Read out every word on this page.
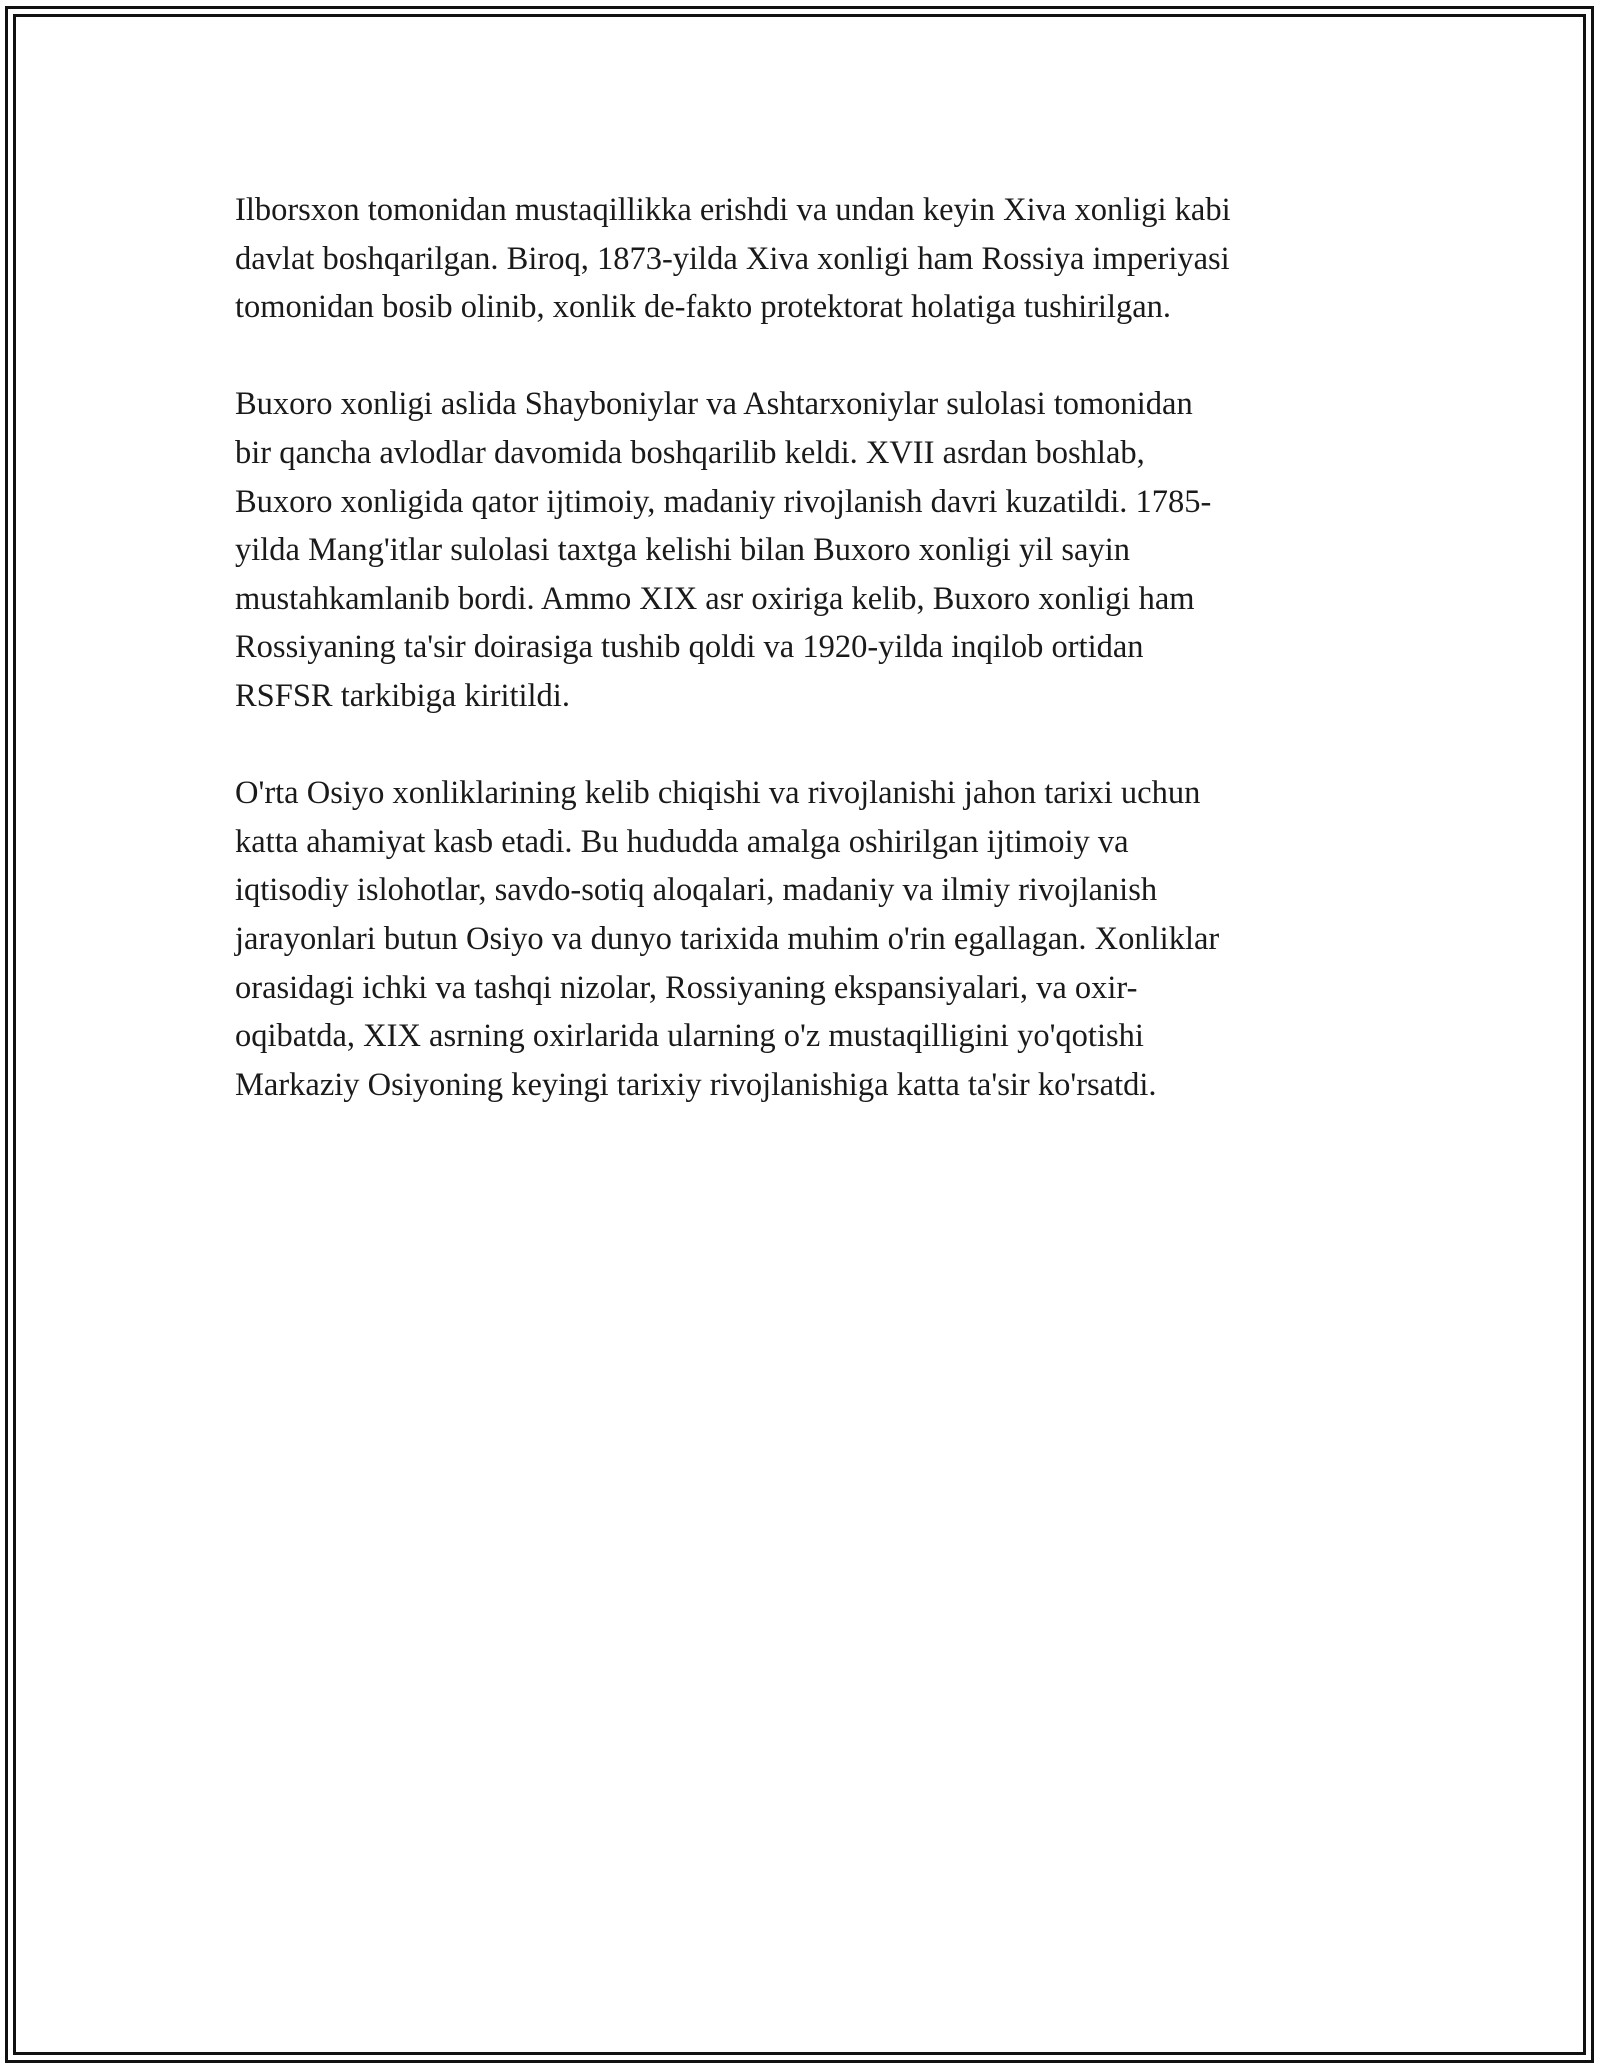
Ilborsxon tomonidan mustaqillikka erishdi va undan keyin Xiva xonligi kabi
davlat boshqarilgan. Biroq, 1873-yilda Xiva xonligi ham Rossiya imperiyasi
tomonidan bosib olinib, xonlik de-fakto protektorat holatiga tushirilgan.

Buxoro xonligi aslida Shayboniylar va Ashtarxoniylar sulolasi tomonidan
bir qancha avlodlar davomida boshqarilib keldi. XVII asrdan boshlab,
Buxoro xonligida qator ijtimoiy, madaniy rivojlanish davri kuzatildi. 1785-
yilda Mang'itlar sulolasi taxtga kelishi bilan Buxoro xonligi yil sayin
mustahkamlanib bordi. Ammo XIX asr oxiriga kelib, Buxoro xonligi ham
Rossiyaning ta'sir doirasiga tushib qoldi va 1920-yilda inqilob ortidan
RSFSR tarkibiga kiritildi.

O'rta Osiyo xonliklarining kelib chiqishi va rivojlanishi jahon tarixi uchun
katta ahamiyat kasb etadi. Bu hududda amalga oshirilgan ijtimoiy va
iqtisodiy islohotlar, savdo-sotiq aloqalari, madaniy va ilmiy rivojlanish
jarayonlari butun Osiyo va dunyo tarixida muhim o'rin egallagan. Xonliklar
orasidagi ichki va tashqi nizolar, Rossiyaning ekspansiyalari, va oxir-
oqibatda, XIX asrning oxirlarida ularning o'z mustaqilligini yo'qotishi
Markaziy Osiyoning keyingi tarixiy rivojlanishiga katta ta'sir ko'rsatdi.
